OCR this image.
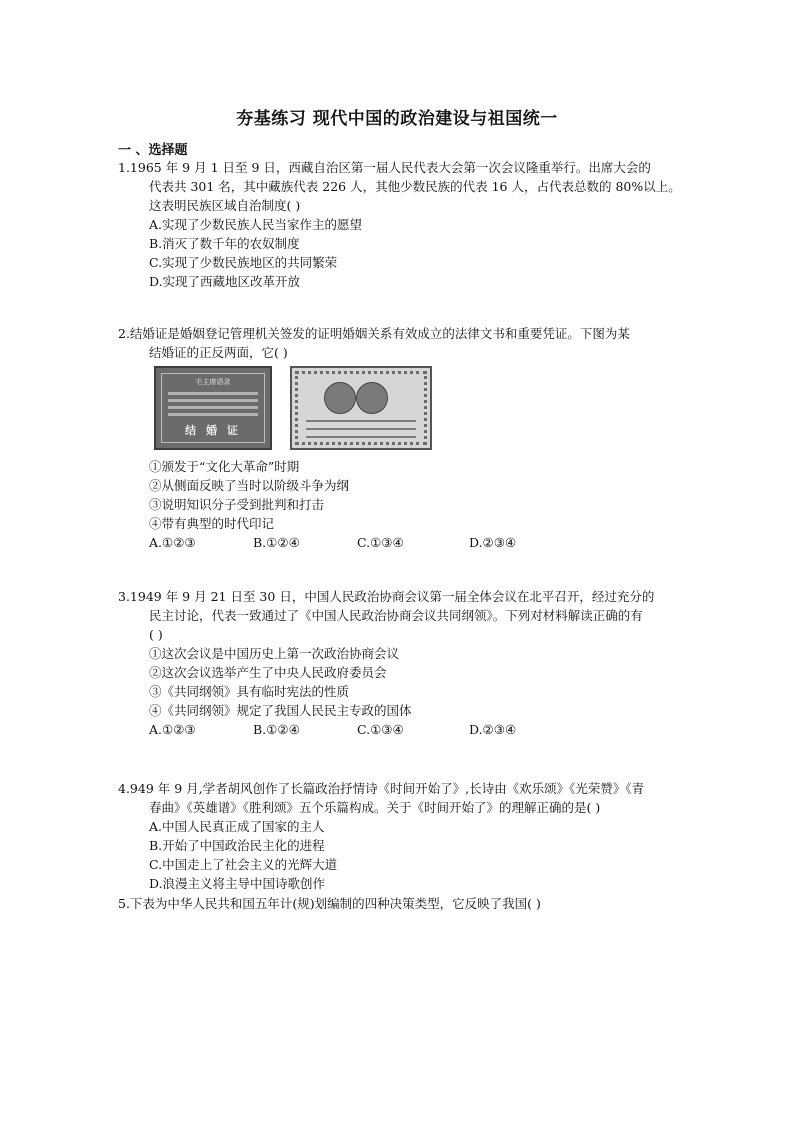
夯基练习 现代中国的政治建设与祖国统一
一 、选择题
1.1965 年 9 月 1 日至 9 日，西藏自治区第一届人民代表大会第一次会议隆重举行。出席大会的
代表共 301 名，其中藏族代表 226 人，其他少数民族的代表 16 人，占代表总数的 80%以上。
这表明民族区域自治制度( )
A.实现了少数民族人民当家作主的愿望
B.消灭了数千年的农奴制度
C.实现了少数民族地区的共同繁荣
D.实现了西藏地区改革开放
2.结婚证是婚姻登记管理机关签发的证明婚姻关系有效成立的法律文书和重要凭证。下图为某
结婚证的正反两面，它( )
毛主席语录
结 婚 证
①颁发于“文化大革命”时期
②从侧面反映了当时以阶级斗争为纲
③说明知识分子受到批判和打击
④带有典型的时代印记
A.①②③	B.①②④	C.①③④	D.②③④
3.1949 年 9 月 21 日至 30 日，中国人民政治协商会议第一届全体会议在北平召开，经过充分的
民主讨论，代表一致通过了《中国人民政治协商会议共同纲领》。下列对材料解读正确的有
( )
①这次会议是中国历史上第一次政治协商会议
②这次会议选举产生了中央人民政府委员会
③《共同纲领》具有临时宪法的性质
④《共同纲领》规定了我国人民民主专政的国体
A.①②③	B.①②④	C.①③④	D.②③④
4.949 年 9 月,学者胡风创作了长篇政治抒情诗《时间开始了》,长诗由《欢乐颂》《光荣赞》《青
春曲》《英雄谱》《胜利颂》五个乐篇构成。关于《时间开始了》的理解正确的是( )
A.中国人民真正成了国家的主人
B.开始了中国政治民主化的进程
C.中国走上了社会主义的光辉大道
D.浪漫主义将主导中国诗歌创作
5.下表为中华人民共和国五年计(规)划编制的四种决策类型，它反映了我国( )
